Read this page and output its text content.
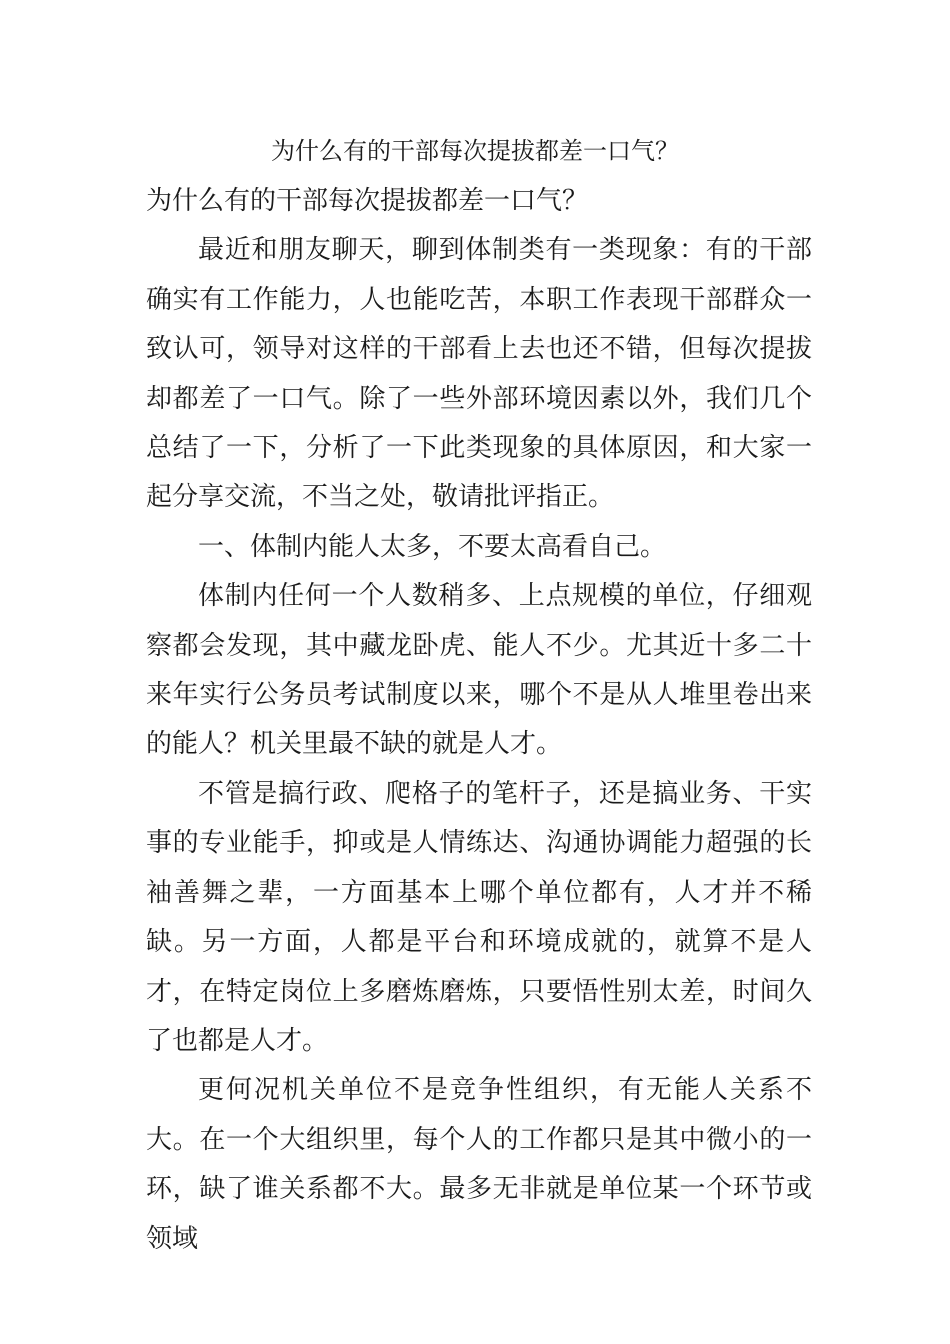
为什么有的干部每次提拔都差一口气？

为什么有的干部每次提拔都差一口气？

最近和朋友聊天，聊到体制类有一类现象：有的干部确实有工作能力，人也能吃苦，本职工作表现干部群众一致认可，领导对这样的干部看上去也还不错，但每次提拔却都差了一口气。除了一些外部环境因素以外，我们几个总结了一下，分析了一下此类现象的具体原因，和大家一起分享交流，不当之处，敬请批评指正。

一、体制内能人太多，不要太高看自己。

体制内任何一个人数稍多、上点规模的单位，仔细观察都会发现，其中藏龙卧虎、能人不少。尤其近十多二十来年实行公务员考试制度以来，哪个不是从人堆里卷出来的能人？机关里最不缺的就是人才。

不管是搞行政、爬格子的笔杆子，还是搞业务、干实事的专业能手，抑或是人情练达、沟通协调能力超强的长袖善舞之辈，一方面基本上哪个单位都有，人才并不稀缺。另一方面，人都是平台和环境成就的，就算不是人才，在特定岗位上多磨炼磨炼，只要悟性别太差，时间久了也都是人才。

更何况机关单位不是竞争性组织，有无能人关系不大。在一个大组织里，每个人的工作都只是其中微小的一环，缺了谁关系都不大。最多无非就是单位某一个环节或领域
